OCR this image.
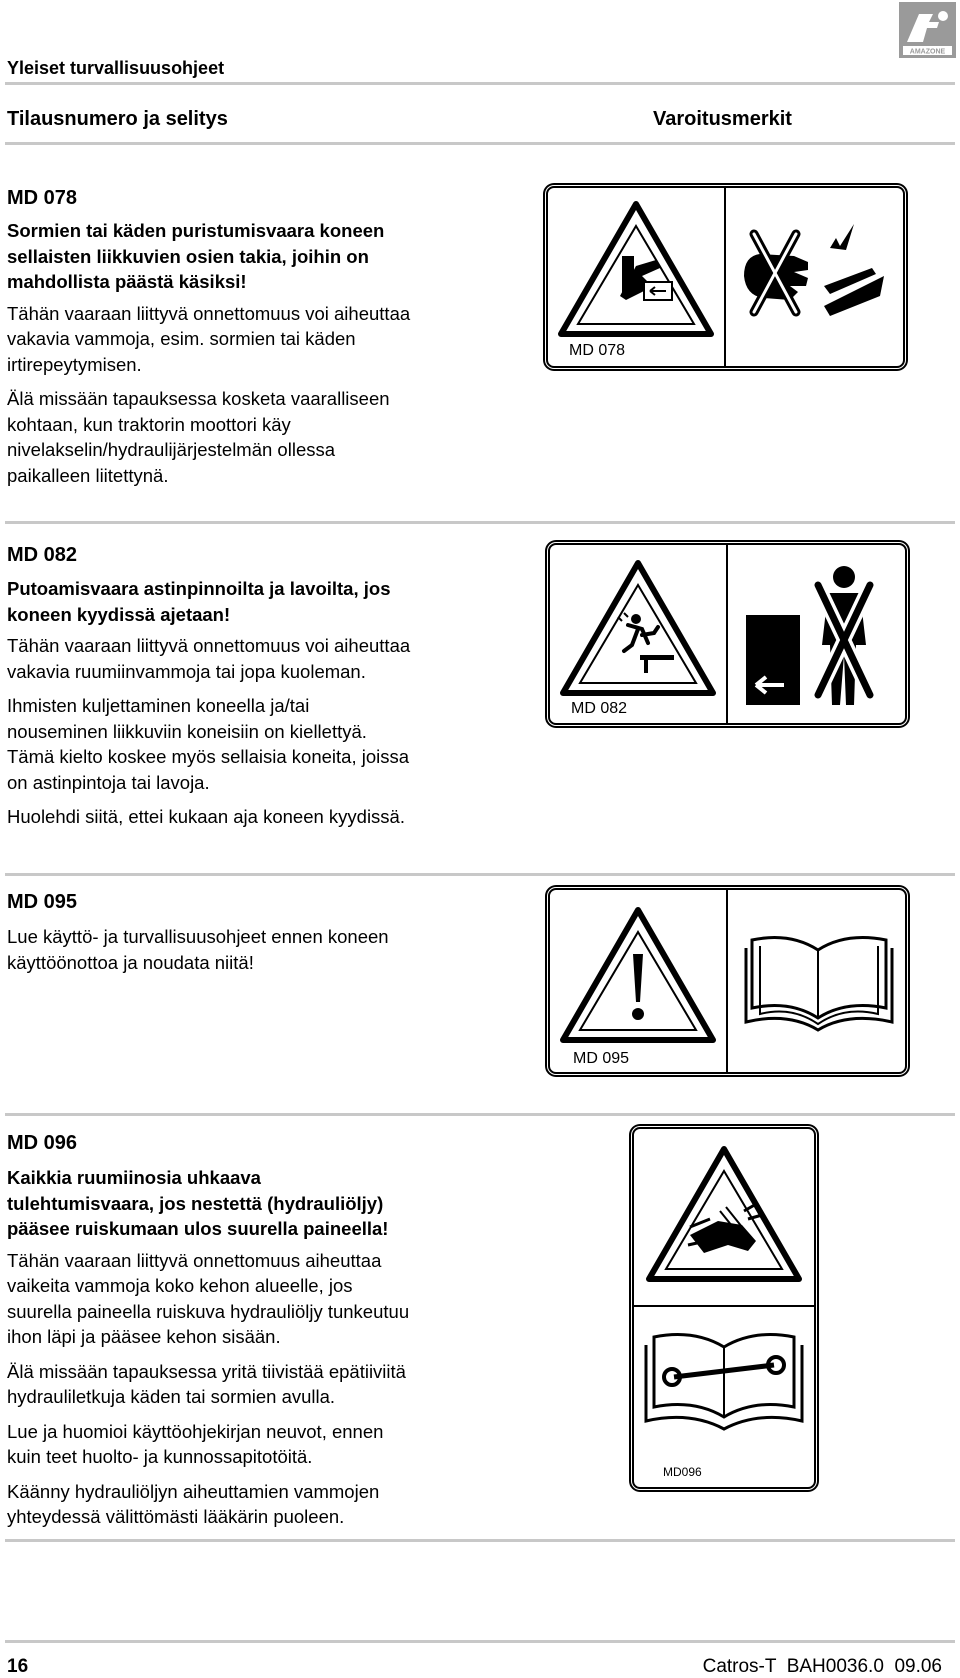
AMAZONE
Yleiset turvallisuusohjeet
Tilausnumero ja selitys	Varoitusmerkit
MD 078

Sormien tai käden puristumisvaara koneen
sellaisten liikkuvien osien takia, joihin on
mahdollista päästä käsiksi!

Tähän vaaraan liittyvä onnettomuus voi aiheuttaa
vakavia vammoja, esim. sormien tai käden
irtirepeytymisen.

Älä missään tapauksessa kosketa vaaralliseen
kohtaan, kun traktorin moottori käy
nivelakselin/hydraulijärjestelmän ollessa
paikalleen liitettynä.

MD 078
MD 082

Putoamisvaara astinpinnoilta ja lavoilta, jos
koneen kyydissä ajetaan!

Tähän vaaraan liittyvä onnettomuus voi aiheuttaa
vakavia ruumiinvammoja tai jopa kuoleman.

Ihmisten kuljettaminen koneella ja/tai
nouseminen liikkuviin koneisiin on kiellettyä.
Tämä kielto koskee myös sellaisia koneita, joissa
on astinpintoja tai lavoja.

Huolehdi siitä, ettei kukaan aja koneen kyydissä.

MD 082
MD 095

Lue käyttö- ja turvallisuusohjeet ennen koneen
käyttöönottoa ja noudata niitä!

MD 095
MD 096

Kaikkia ruumiinosia uhkaava
tulehtumisvaara, jos nestettä (hydrauliöljy)
pääsee ruiskumaan ulos suurella paineella!

Tähän vaaraan liittyvä onnettomuus aiheuttaa
vaikeita vammoja koko kehon alueelle, jos
suurella paineella ruiskuva hydrauliöljy tunkeutuu
ihon läpi ja pääsee kehon sisään.

Älä missään tapauksessa yritä tiivistää epätiiviitä
hydrauliletkuja käden tai sormien avulla.

Lue ja huomioi käyttöohjekirjan neuvot, ennen
kuin teet huolto- ja kunnossapitotöitä.

Käänny hydrauliöljyn aiheuttamien vammojen
yhteydessä välittömästi lääkärin puoleen.

MD096
16	Catros-T  BAH0036.0  09.06
